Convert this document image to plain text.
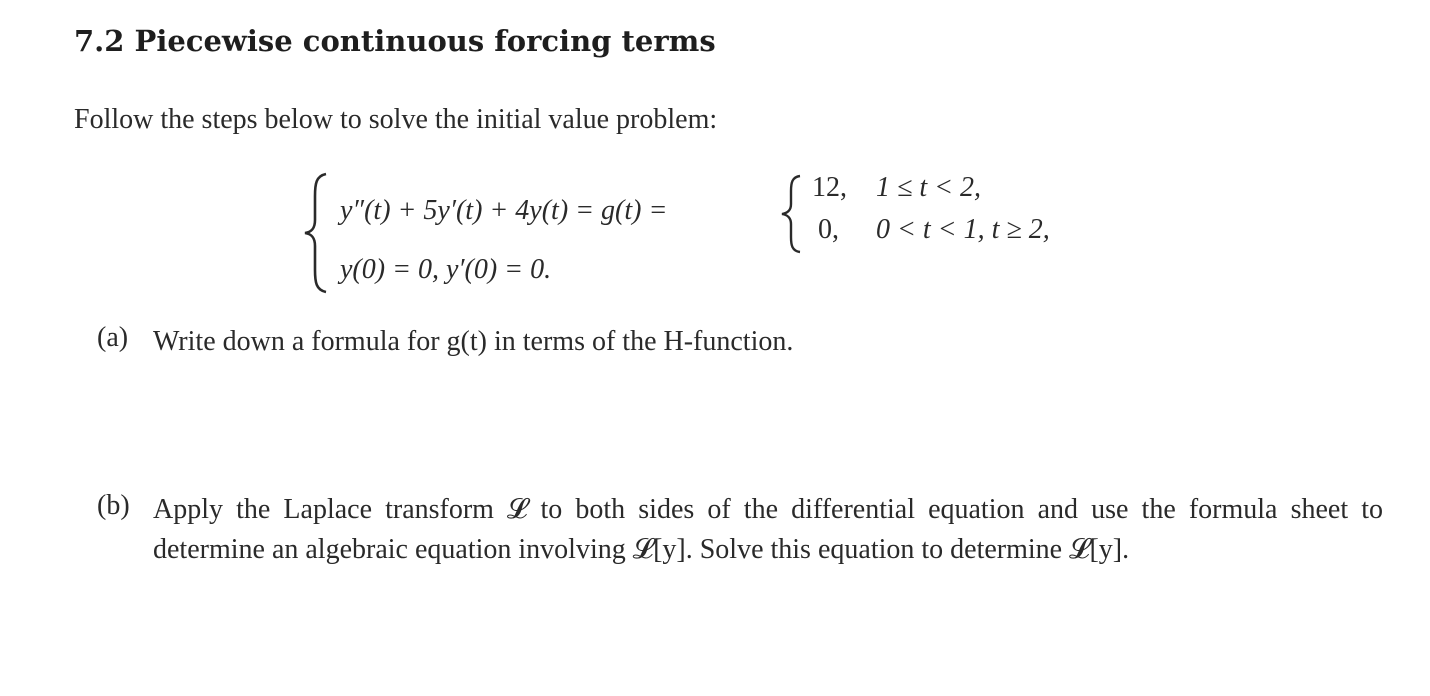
7.2 Piecewise continuous forcing terms
Follow the steps below to solve the initial value problem:
y″(t) + 5y′(t) + 4y(t) = g(t) =
y(0) = 0, y′(0) = 0.
12, 1 ≤ t < 2,
0, 0 < t < 1, t ≥ 2,
(a) Write down a formula for g(t) in terms of the H-function.
(b) Apply the Laplace transform 𝓛 to both sides of the differential equation and use the formula sheet to determine an algebraic equation involving 𝓛[y]. Solve this equation to determine 𝓛[y].
